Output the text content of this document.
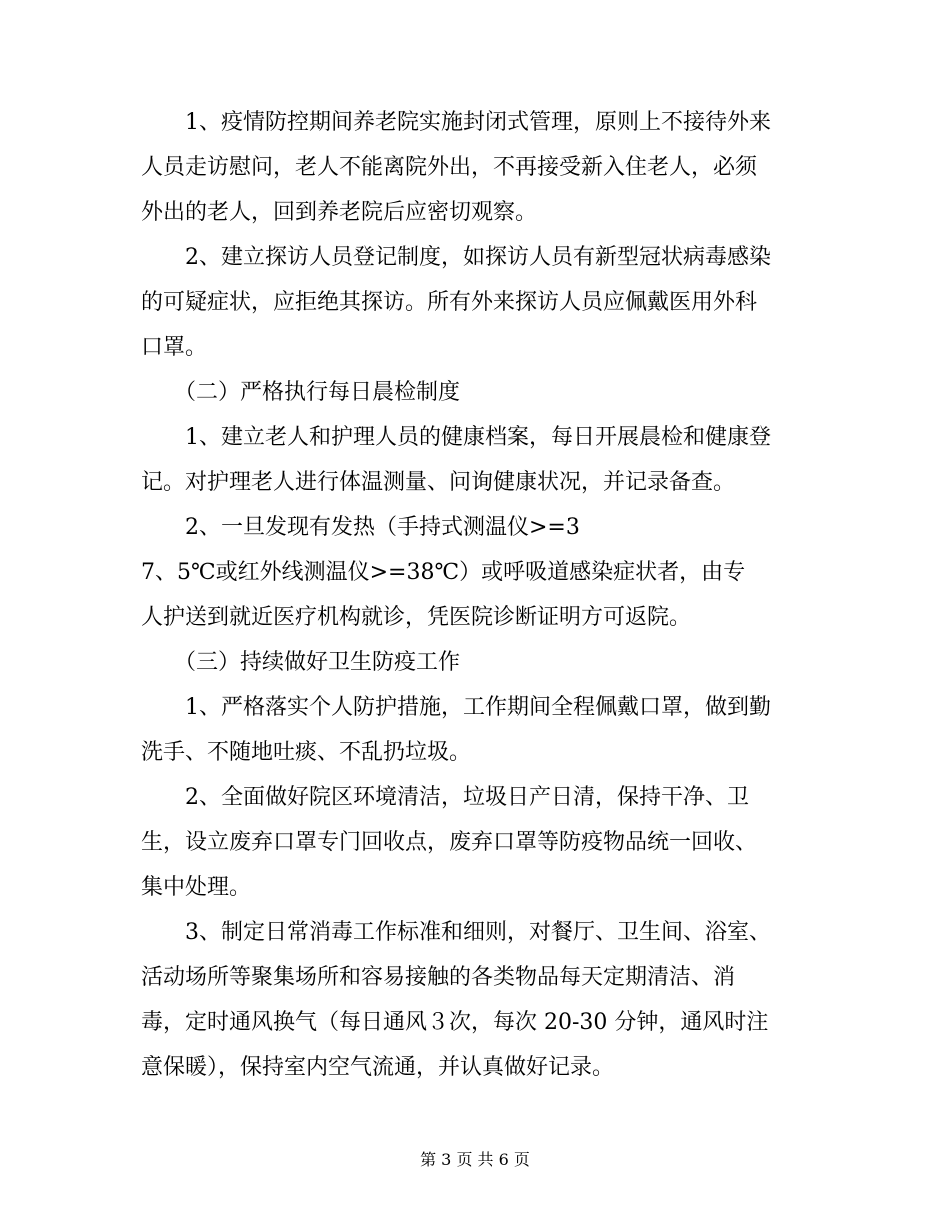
　　1、疫情防控期间养老院实施封闭式管理，原则上不接待外来
人员走访慰问，老人不能离院外出，不再接受新入住老人，必须
外出的老人，回到养老院后应密切观察。
　　2、建立探访人员登记制度，如探访人员有新型冠状病毒感染
的可疑症状，应拒绝其探访。所有外来探访人员应佩戴医用外科
口罩。
　　（二）严格执行每日晨检制度
　　1、建立老人和护理人员的健康档案，每日开展晨检和健康登
记。对护理老人进行体温测量、问询健康状况，并记录备查。
　　2、一旦发现有发热（手持式测温仪>=3
7、5℃或红外线测温仪>=38℃）或呼吸道感染症状者，由专
人护送到就近医疗机构就诊，凭医院诊断证明方可返院。
　　（三）持续做好卫生防疫工作
　　1、严格落实个人防护措施，工作期间全程佩戴口罩，做到勤
洗手、不随地吐痰、不乱扔垃圾。
　　2、全面做好院区环境清洁，垃圾日产日清，保持干净、卫
生，设立废弃口罩专门回收点，废弃口罩等防疫物品统一回收、
集中处理。
　　3、制定日常消毒工作标准和细则，对餐厅、卫生间、浴室、
活动场所等聚集场所和容易接触的各类物品每天定期清洁、消
毒，定时通风换气（每日通风３次，每次 20-30 分钟，通风时注
意保暖），保持室内空气流通，并认真做好记录。
第 3 页 共 6 页
